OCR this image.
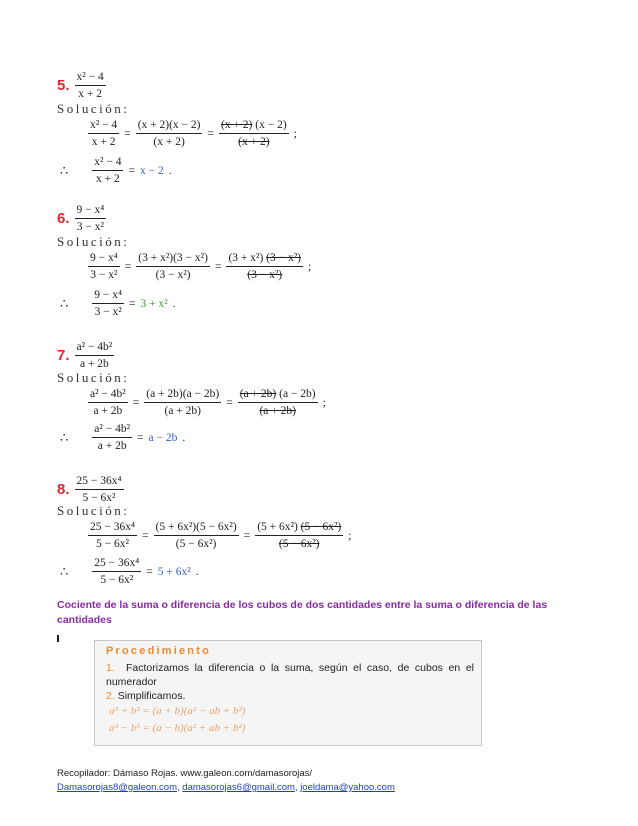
5. $\frac{\text{x² − 4}}{x + 2}$
Solución:
$\frac{\text{x² − 4}}{x + 2} = \frac{(x + 2)(x - 2)}{(x + 2)} = \frac{(x + 2) (x - 2)}{(x + 2)}$ ;
∴ $\frac{\text{x² − 4}}{x + 2} = x - 2$ .
6. $\frac{\text{9 − x⁴}}{\text{3 − x²}}$
Solución:
$\frac{\text{9 − x⁴}}{\text{3 − x²}} = \frac{\text{(3 + x²)(3 − x²)}}{\text{(3 − x²)}} = \frac{\text{(3 + x²) (3 − x²)}}{\text{(3 − x²)}}$ ;
∴ $\frac{\text{9 − x⁴}}{\text{3 − x²}} = 3 + x^2$ .
7. $\frac{\text{a² − 4b²}}{a + 2b}$
Solución:
$\frac{\text{a² − 4b²}}{a + 2b} = \frac{(a + 2b)(a - 2b)}{(a + 2b)} = \frac{(a + 2b) (a - 2b)}{(a + 2b)}$ ;
∴ $\frac{\text{a² − 4b²}}{a + 2b} = a - 2b$ .
8. $\frac{\text{25 − 36x⁴}}{\text{5 − 6x²}}$
Solución:
$\frac{\text{25 − 36x⁴}}{\text{5 − 6x²}} = \frac{\text{(5 + 6x²)(5 − 6x²)}}{\text{(5 − 6x²)}} = \frac{\text{(5 + 6x²) (5 − 6x²)}}{\text{(5 − 6x²)}}$ ;
∴ $\frac{\text{25 − 36x⁴}}{\text{5 − 6x²}} = 5 + 6x^2$ .
Cociente de la suma o diferencia de los cubos de dos cantidades entre la suma o diferencia de las cantidades
Procedimiento
1. Factorizamos la diferencia o la suma, según el caso, de cubos en el numerador
2. Simplificamos.
a³ + b³ = (a + b)(a² − ab + b²)
a³ − b³ = (a − b)(a² + ab + b²)
Recopilador: Dámaso Rojas. www.galeon.com/damasorojas/
Damasorojas8@galeon.com, damasorojas6@gmail.com, joeldama@yahoo.com
